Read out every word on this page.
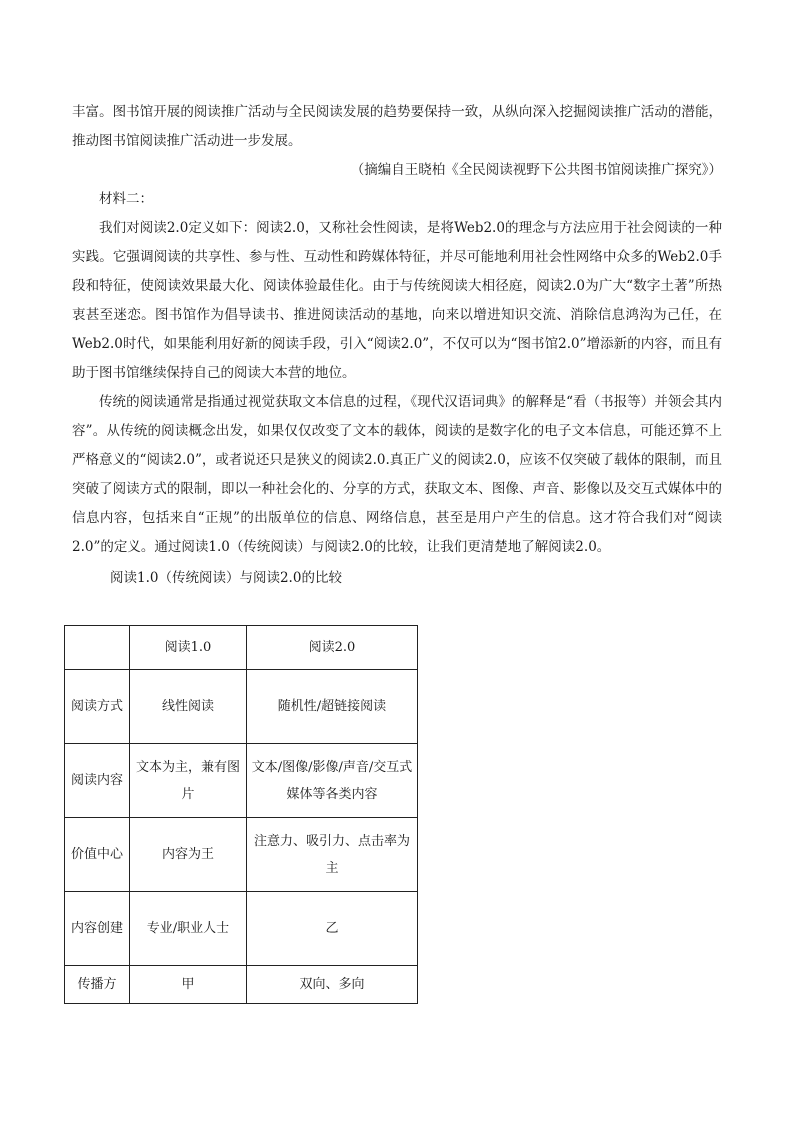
丰富。图书馆开展的阅读推广活动与全民阅读发展的趋势要保持一致，从纵向深入挖掘阅读推广活动的潜能，推动图书馆阅读推广活动进一步发展。

（摘编自王晓柏《全民阅读视野下公共图书馆阅读推广探究》）

材料二：

我们对阅读2.0定义如下：阅读2.0，又称社会性阅读，是将Web2.0的理念与方法应用于社会阅读的一种实践。它强调阅读的共享性、参与性、互动性和跨媒体特征，并尽可能地利用社会性网络中众多的Web2.0手段和特征，使阅读效果最大化、阅读体验最佳化。由于与传统阅读大相径庭，阅读2.0为广大“数字土著”所热衷甚至迷恋。图书馆作为倡导读书、推进阅读活动的基地，向来以增进知识交流、消除信息鸿沟为己任，在Web2.0时代，如果能利用好新的阅读手段，引入“阅读2.0”，不仅可以为“图书馆2.0”增添新的内容，而且有助于图书馆继续保持自己的阅读大本营的地位。

传统的阅读通常是指通过视觉获取文本信息的过程，《现代汉语词典》的解释是“看（书报等）并领会其内容”。从传统的阅读概念出发，如果仅仅改变了文本的载体，阅读的是数字化的电子文本信息，可能还算不上严格意义的“阅读2.0”，或者说还只是狭义的阅读2.0.真正广义的阅读2.0，应该不仅突破了载体的限制，而且突破了阅读方式的限制，即以一种社会化的、分享的方式，获取文本、图像、声音、影像以及交互式媒体中的信息内容，包括来自“正规”的出版单位的信息、网络信息，甚至是用户产生的信息。这才符合我们对“阅读2.0”的定义。通过阅读1.0（传统阅读）与阅读2.0的比较，让我们更清楚地了解阅读2.0。

阅读1.0（传统阅读）与阅读2.0的比较
	阅读1.0	阅读2.0
阅读方式	线性阅读	随机性/超链接阅读
阅读内容	文本为主，兼有图片	文本/图像/影像/声音/交互式媒体等各类内容
价值中心	内容为王	注意力、吸引力、点击率为主
内容创建	专业/职业人士	乙
传播方	甲	双向、多向
